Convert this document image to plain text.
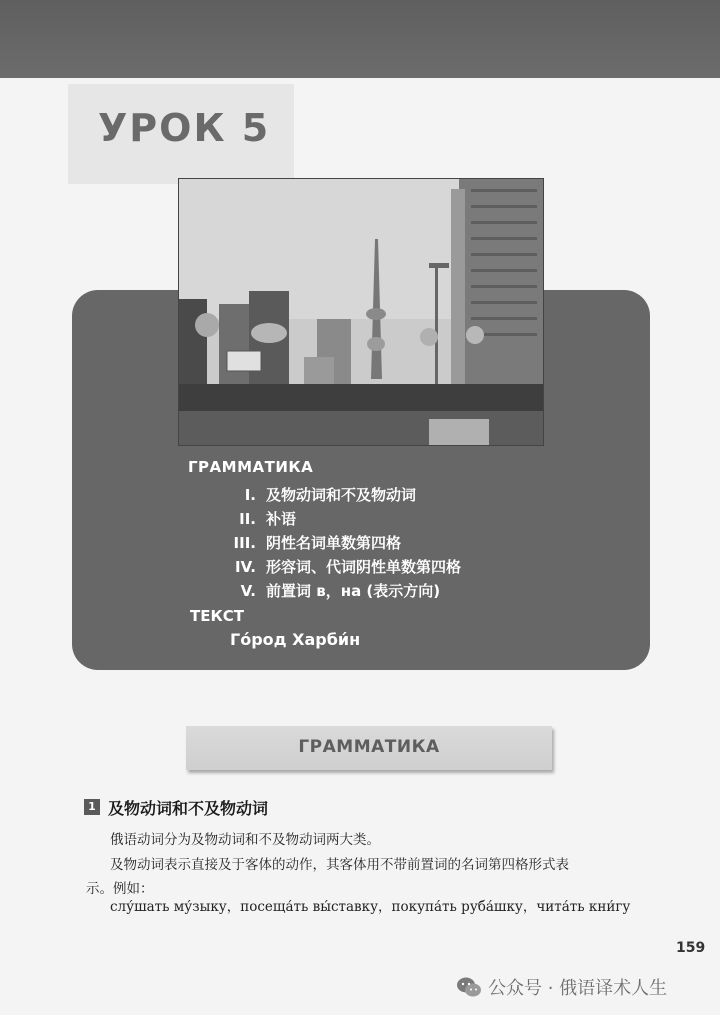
УРОК 5
ГРАММАТИКА
I. 及物动词和不及物动词
II. 补语
III. 阴性名词单数第四格
IV. 形容词、代词阴性单数第四格
V. 前置词 в，на (表示方向)
ТЕКСТ
Го́род Харби́н
ГРАММАТИКА
1 及物动词和不及物动词
俄语动词分为及物动词和不及物动词两大类。
及物动词表示直接及于客体的动作，其客体用不带前置词的名词第四格形式表
示。例如：
слу́шать му́зыку，посеща́ть вы́ставку，покупа́ть руба́шку，чита́ть кни́гу
159
公众号 · 俄语译术人生
